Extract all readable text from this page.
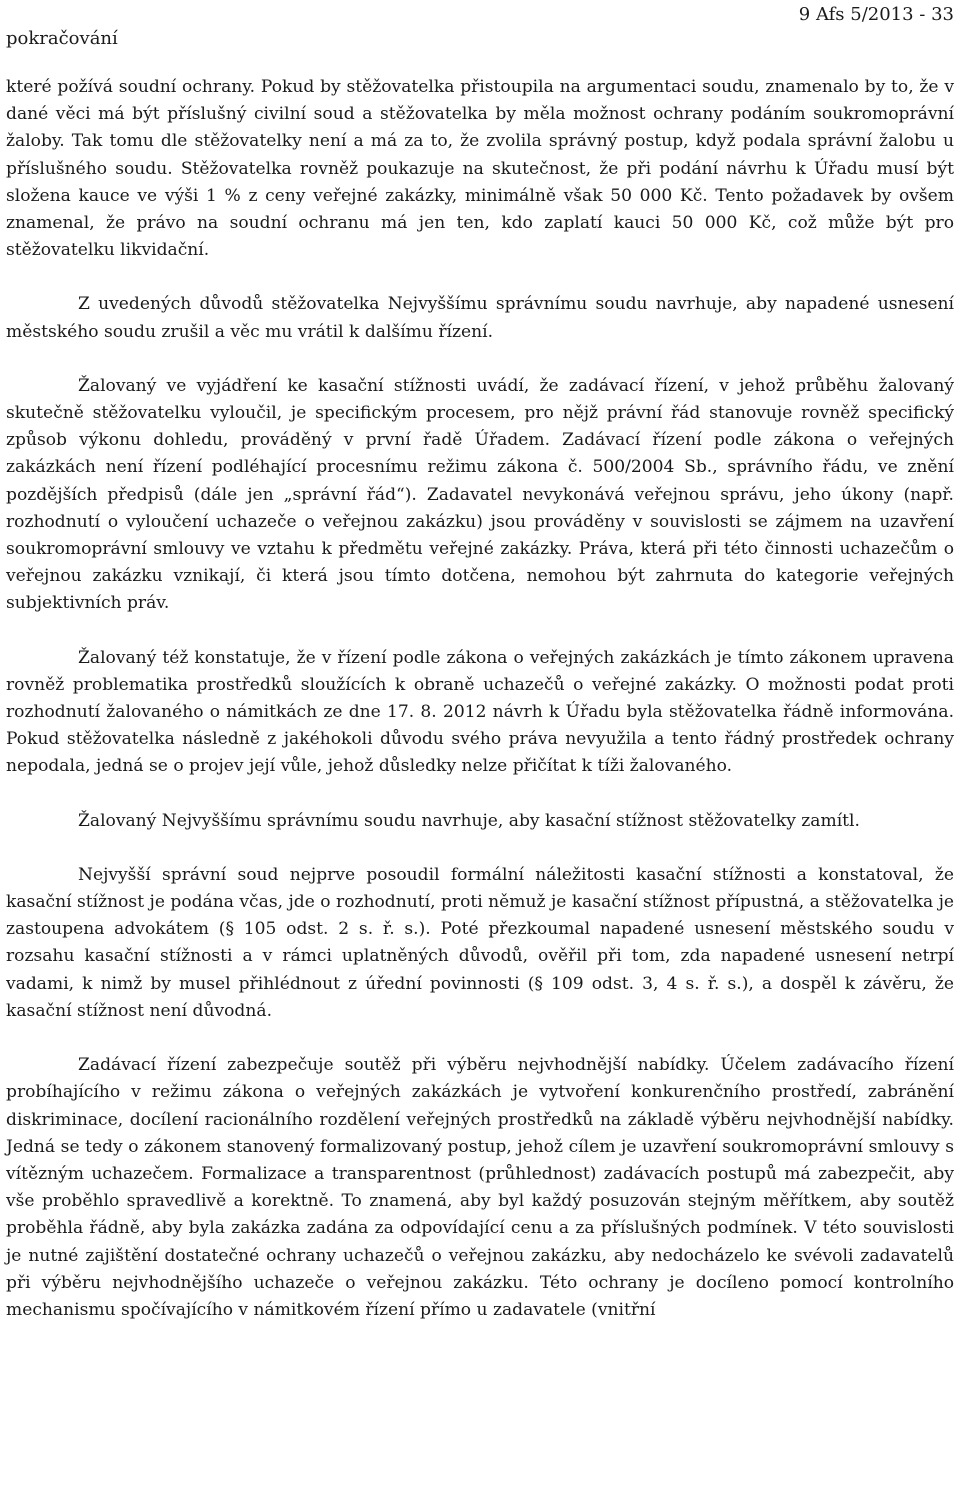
pokračování
9 Afs 5/2013 - 33

které požívá soudní ochrany. Pokud by stěžovatelka přistoupila na argumentaci soudu, znamenalo by to, že v dané věci má být příslušný civilní soud a stěžovatelka by měla možnost ochrany podáním soukromoprávní žaloby. Tak tomu dle stěžovatelky není a má za to, že zvolila správný postup, když podala správní žalobu u příslušného soudu. Stěžovatelka rovněž poukazuje na skutečnost, že při podání návrhu k Úřadu musí být složena kauce ve výši 1 % z ceny veřejné zakázky, minimálně však 50 000 Kč. Tento požadavek by ovšem znamenal, že právo na soudní ochranu má jen ten, kdo zaplatí kauci 50 000 Kč, což může být pro stěžovatelku likvidační.

Z uvedených důvodů stěžovatelka Nejvyššímu správnímu soudu navrhuje, aby napadené usnesení městského soudu zrušil a věc mu vrátil k dalšímu řízení.

Žalovaný ve vyjádření ke kasační stížnosti uvádí, že zadávací řízení, v jehož průběhu žalovaný skutečně stěžovatelku vyloučil, je specifickým procesem, pro nějž právní řád stanovuje rovněž specifický způsob výkonu dohledu, prováděný v první řadě Úřadem. Zadávací řízení podle zákona o veřejných zakázkách není řízení podléhající procesnímu režimu zákona č. 500/2004 Sb., správního řádu, ve znění pozdějších předpisů (dále jen „správní řád“). Zadavatel nevykonává veřejnou správu, jeho úkony (např. rozhodnutí o vyloučení uchazeče o veřejnou zakázku) jsou prováděny v souvislosti se zájmem na uzavření soukromoprávní smlouvy ve vztahu k předmětu veřejné zakázky. Práva, která při této činnosti uchazečům o veřejnou zakázku vznikají, či která jsou tímto dotčena, nemohou být zahrnuta do kategorie veřejných subjektivních práv.

Žalovaný též konstatuje, že v řízení podle zákona o veřejných zakázkách je tímto zákonem upravena rovněž problematika prostředků sloužících k obraně uchazečů o veřejné zakázky. O možnosti podat proti rozhodnutí žalovaného o námitkách ze dne 17. 8. 2012 návrh k Úřadu byla stěžovatelka řádně informována. Pokud stěžovatelka následně z jakéhokoli důvodu svého práva nevyužila a tento řádný prostředek ochrany nepodala, jedná se o projev její vůle, jehož důsledky nelze přičítat k tíži žalovaného.

Žalovaný Nejvyššímu správnímu soudu navrhuje, aby kasační stížnost stěžovatelky zamítl.

Nejvyšší správní soud nejprve posoudil formální náležitosti kasační stížnosti a konstatoval, že kasační stížnost je podána včas, jde o rozhodnutí, proti němuž je kasační stížnost přípustná, a stěžovatelka je zastoupena advokátem (§ 105 odst. 2 s. ř. s.). Poté přezkoumal napadené usnesení městského soudu v rozsahu kasační stížnosti a v rámci uplatněných důvodů, ověřil při tom, zda napadené usnesení netrpí vadami, k nimž by musel přihlédnout z úřední povinnosti (§ 109 odst. 3, 4 s. ř. s.), a dospěl k závěru, že kasační stížnost není důvodná.

Zadávací řízení zabezpečuje soutěž při výběru nejvhodnější nabídky. Účelem zadávacího řízení probíhajícího v režimu zákona o veřejných zakázkách je vytvoření konkurenčního prostředí, zabránění diskriminace, docílení racionálního rozdělení veřejných prostředků na základě výběru nejvhodnější nabídky. Jedná se tedy o zákonem stanovený formalizovaný postup, jehož cílem je uzavření soukromoprávní smlouvy s vítězným uchazečem. Formalizace a transparentnost (průhlednost) zadávacích postupů má zabezpečit, aby vše proběhlo spravedlivě a korektně. To znamená, aby byl každý posuzován stejným měřítkem, aby soutěž proběhla řádně, aby byla zakázka zadána za odpovídající cenu a za příslušných podmínek. V této souvislosti je nutné zajištění dostatečné ochrany uchazečů o veřejnou zakázku, aby nedocházelo ke svévoli zadavatelů při výběru nejvhodnějšího uchazeče o veřejnou zakázku. Této ochrany je docíleno pomocí kontrolního mechanismu spočívajícího v námitkovém řízení přímo u zadavatele (vnitřní
